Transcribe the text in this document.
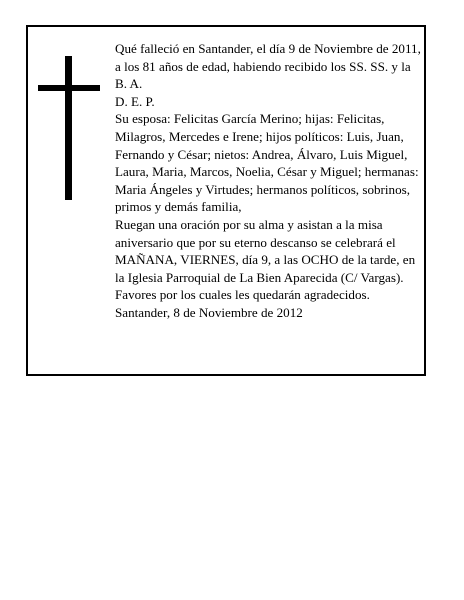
Qué falleció en Santander, el día 9 de Noviembre de 2011, a los 81 años de edad, habiendo recibido los SS. SS. y la B. A.

D. E. P.

Su esposa: Felicitas García Merino; hijas: Felicitas, Milagros, Mercedes e Irene; hijos políticos: Luis, Juan, Fernando y César; nietos: Andrea, Álvaro, Luis Miguel, Laura, Maria, Marcos, Noelia, César y Miguel; hermanas: Maria Ángeles y Virtudes; hermanos políticos, sobrinos, primos y demás familia,

Ruegan una oración por su alma y asistan a la misa aniversario que por su eterno descanso se celebrará el MAÑANA, VIERNES, día 9, a las OCHO de la tarde, en la Iglesia Parroquial de La Bien Aparecida (C/ Vargas). Favores por los cuales les quedarán agradecidos.

Santander, 8 de Noviembre de 2012
